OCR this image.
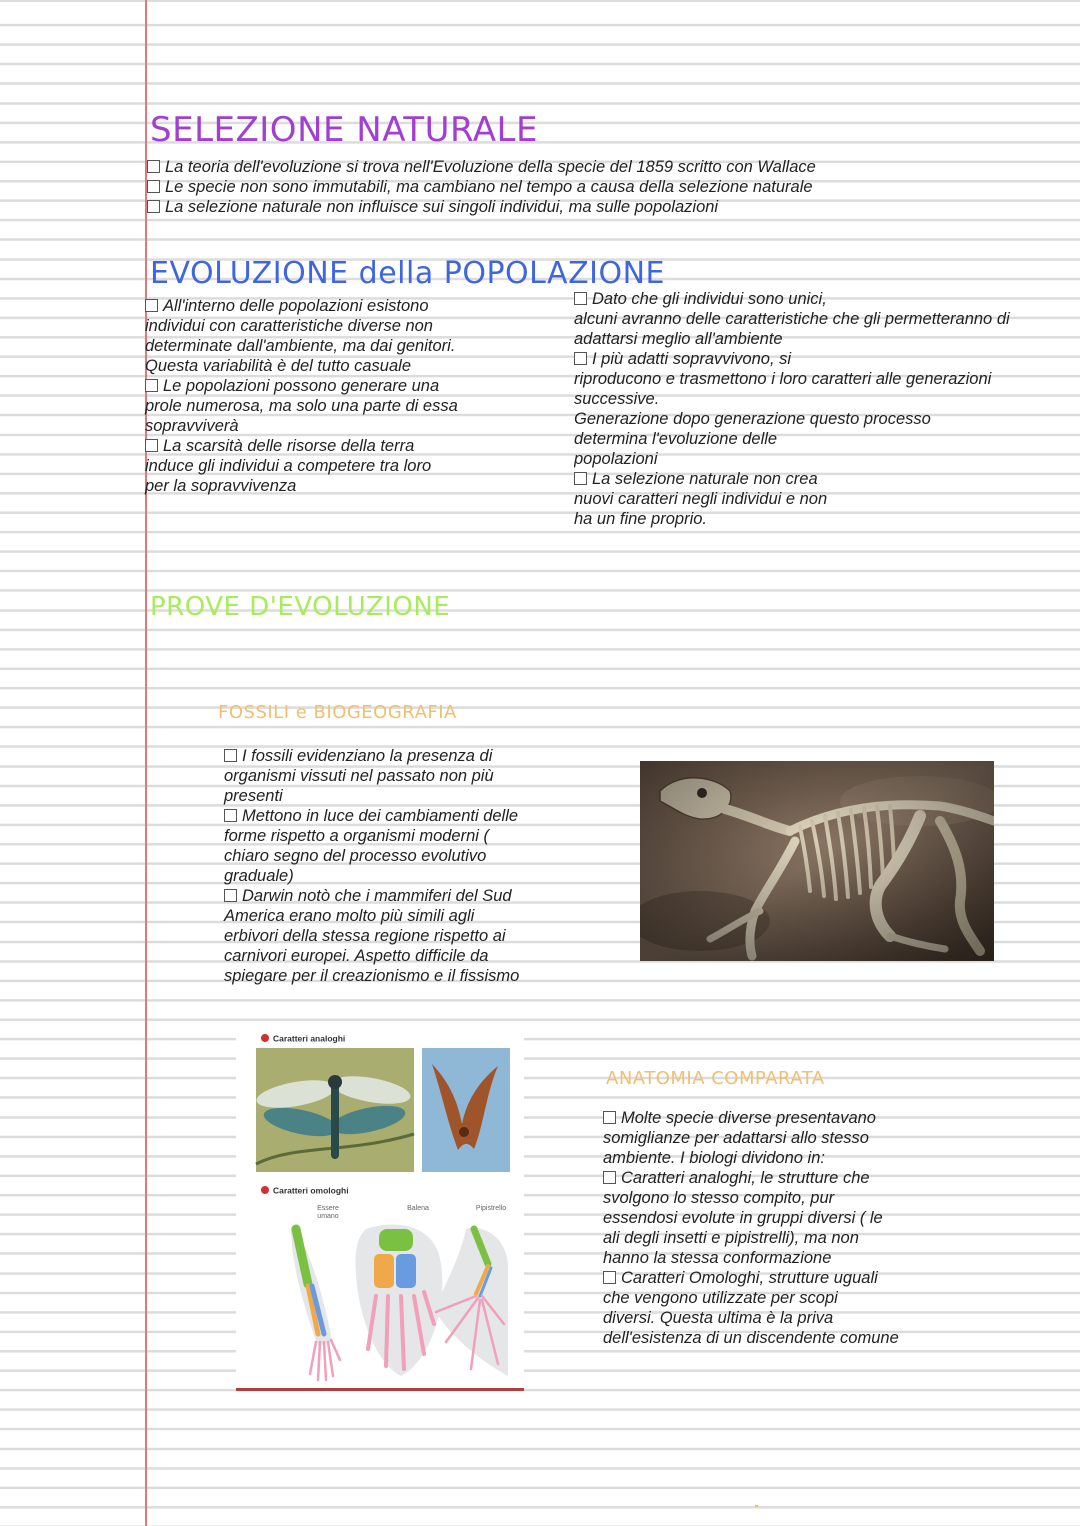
SELEZIONE NATURALE

La teoria dell'evoluzione si trova nell'Evoluzione della specie del 1859 scritto con Wallace

Le specie non sono immutabili, ma cambiano nel tempo a causa della selezione naturale

La selezione naturale non influisce sui singoli individui, ma sulle popolazioni

EVOLUZIONE della POPOLAZIONE

All'interno delle popolazioni esistono

individui con caratteristiche diverse non

determinate dall'ambiente, ma dai genitori.

Questa variabilità è del tutto casuale

Le popolazioni possono generare una

prole numerosa, ma solo una parte di essa

sopravviverà

La scarsità delle risorse della terra

induce gli individui a competere tra loro

per la sopravvivenza

Dato che gli individui sono unici,

alcuni avranno delle caratteristiche che gli permetteranno di

adattarsi meglio all'ambiente

I più adatti sopravvivono, si

riproducono e trasmettono i loro caratteri alle generazioni

successive.

Generazione dopo generazione questo processo

determina l'evoluzione delle

popolazioni

La selezione naturale non crea

nuovi caratteri negli individui e non

ha un fine proprio.

PROVE D'EVOLUZIONE
FOSSILI e BIOGEOGRAFIA

I fossili evidenziano la presenza di

organismi vissuti nel passato non più

presenti

Mettono in luce dei cambiamenti delle

forme rispetto a organismi moderni (

chiaro segno del processo evolutivo

graduale)

Darwin notò che i mammiferi del Sud

America erano molto più simili agli

erbivori della stessa regione rispetto ai

carnivori europei. Aspetto difficile da

spiegare per il creazionismo e il fissismo

Caratteri analoghi
Caratteri omologhi
Essere
umano
Balena	Pipistrello
ANATOMIA COMPARATA

Molte specie diverse presentavano

somiglianze per adattarsi allo stesso

ambiente. I biologi dividono in:

Caratteri analoghi, le strutture che

svolgono lo stesso compito, pur

essendosi evolute in gruppi diversi ( le

ali degli insetti e pipistrelli), ma non

hanno la stessa conformazione

Caratteri Omologhi, strutture uguali

che vengono utilizzate per scopi

diversi. Questa ultima è la priva

dell'esistenza di un discendente comune
